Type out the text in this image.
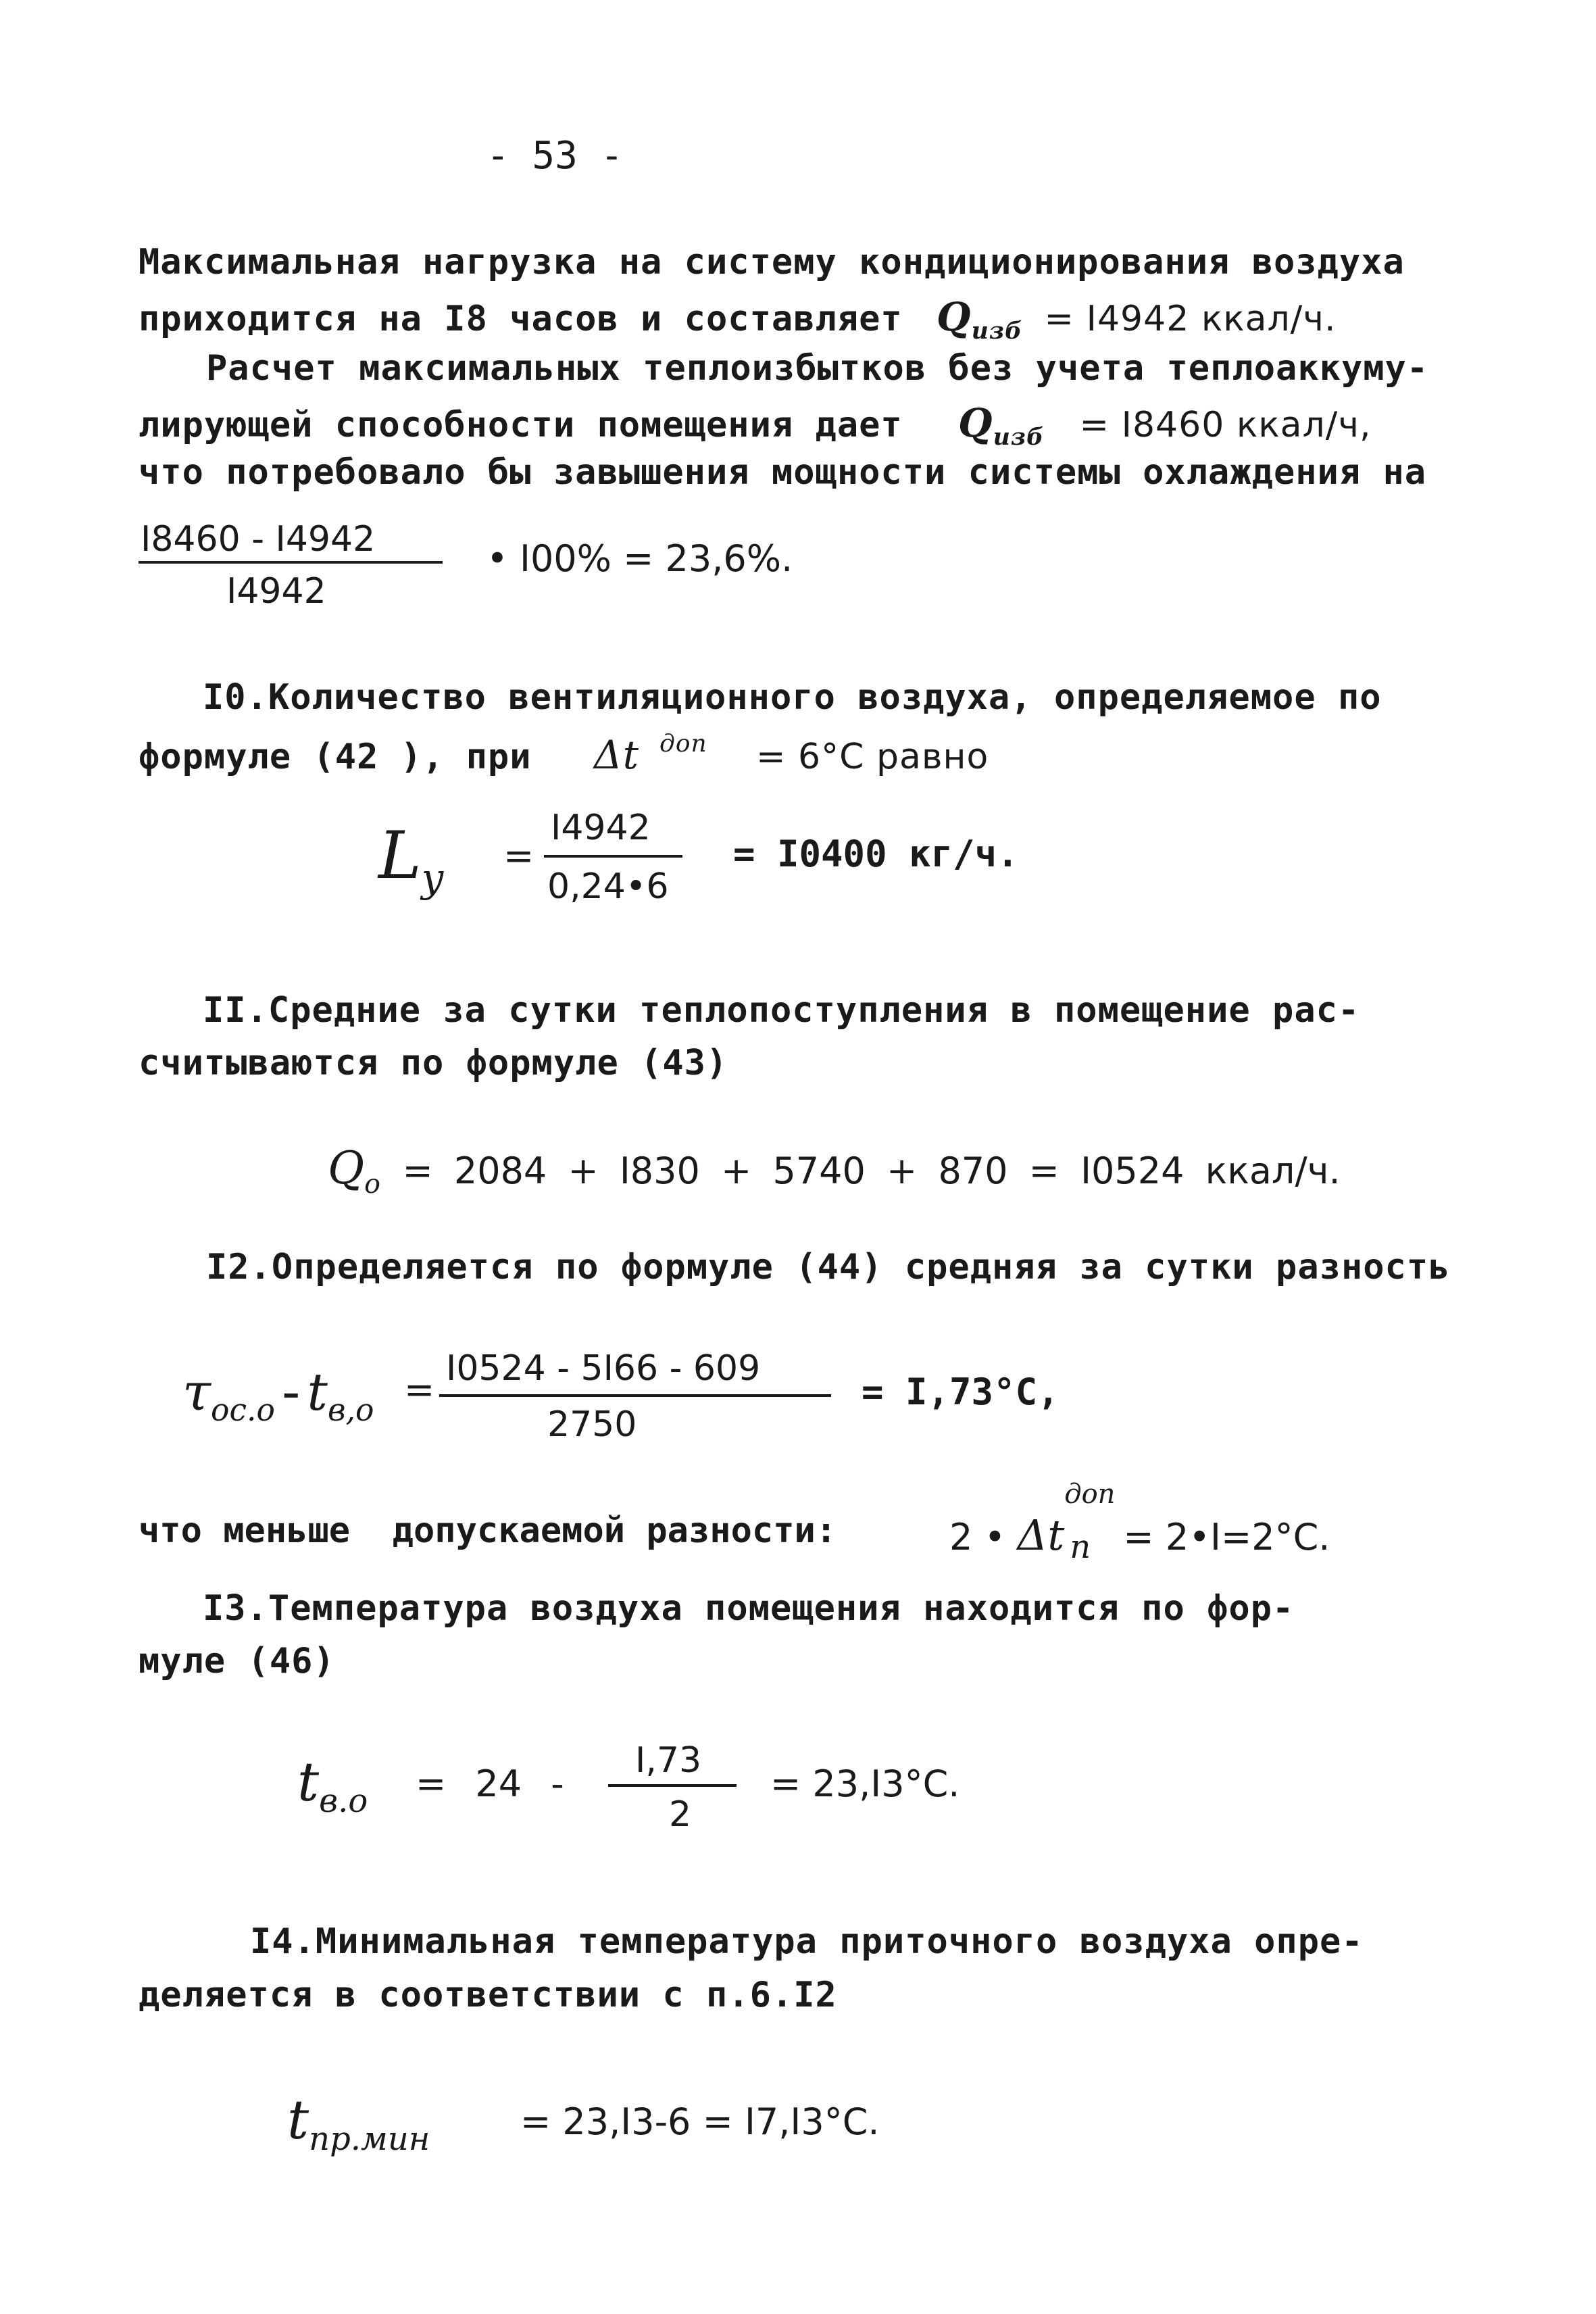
- 53 -
Максимальная нагрузка на систему кондиционирования воздуха
приходится на I8 часов и составляет $Q_{изб} = I4942$ ккал/ч.
Расчет максимальных теплоизбытков без учета теплоаккуму-
лирующей способности помещения дает $Q_{изб} = I8460$ ккал/ч,
что потребовало бы завышения мощности системы охлаждения на
I8460 - I4942
I4942
• I00% = 23,6%.
I0.Количество вентиляционного воздуха, определяемое по
формуле (42 ), при Δt $^{доп}$ = 6°C равно
$L_у$ =
I4942
0,24•6
= I0400 кг/ч.
II.Средние за сутки теплопоступления в помещение рас-
считываются по формуле (43)
$Q_о = 2084 + I830 + 5740 + 870 = I0524$ ккал/ч.
I2.Определяется по формуле (44) средняя за сутки разность
$\tau_{ос.о} - t_{в,о} = I0524 - 5I66 - 609$
2750
= I,73°C,
что меньше  допускаемой разности:	2 • Δt
доп
п = 2•I=2°C.
I3.Температура воздуха помещения находится по фор-
муле (46)
$t_{в.о} = 24$ -
I,73
2
= 23,I3°C.
I4.Минимальная температура приточного воздуха опре-
деляется в соответствии с п.6.I2
$t_{пр.мин} = 23,I3-6 = I7,I3^\circ C$.
